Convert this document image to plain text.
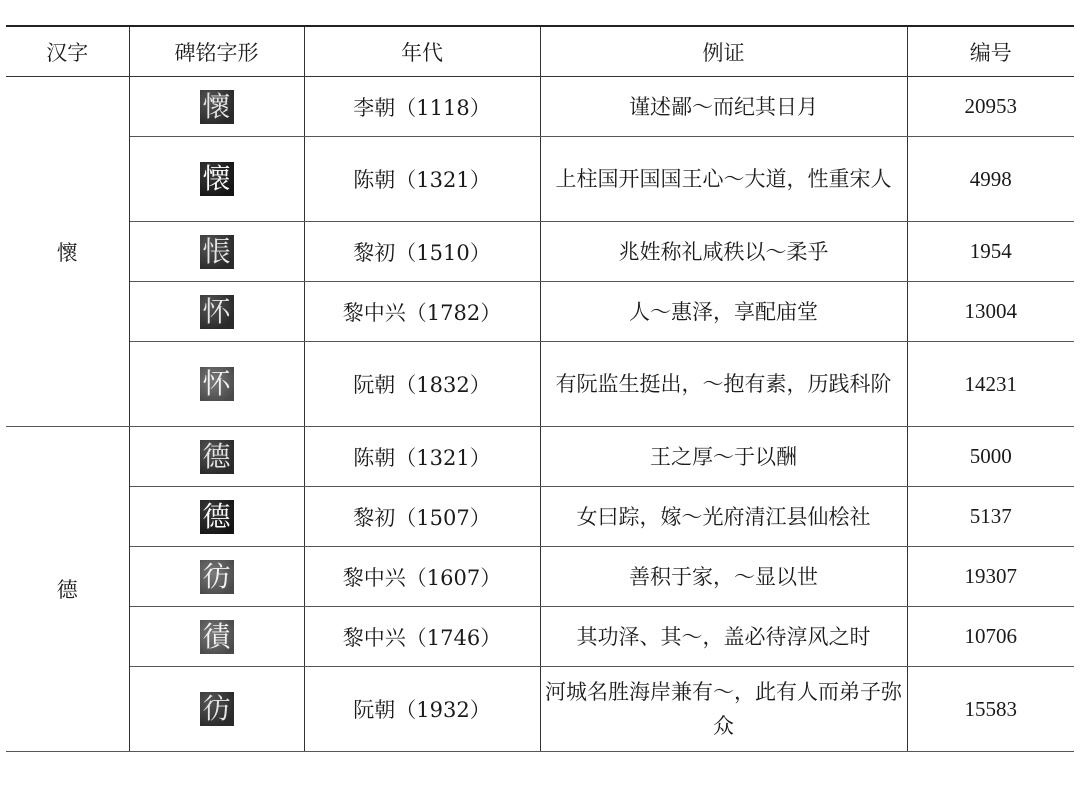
汉字	碑铭字形	年代	例证	编号
懷	懷	李朝（1118）	谨述鄙～而纪其日月	20953
	懐	陈朝（1321）	上柱国开国国王心～大道，性重宋人	4998
	悵	黎初（1510）	兆姓称礼咸秩以～柔乎	1954
	怀	黎中兴（1782）	人～惠泽，享配庙堂	13004
	怀	阮朝（1832）	有阮监生挺出，～抱有素，历践科阶	14231
德	德	陈朝（1321）	王之厚～于以酬	5000
	德	黎初（1507）	女曰踪，嫁～光府清江县仙桧社	5137
	彷	黎中兴（1607）	善积于家，～显以世	19307
	㣱	黎中兴（1746）	其功泽、其～，盖必待淳风之时	10706
	彷	阮朝（1932）	河城名胜海岸兼有～，此有人而弟子弥众	15583
